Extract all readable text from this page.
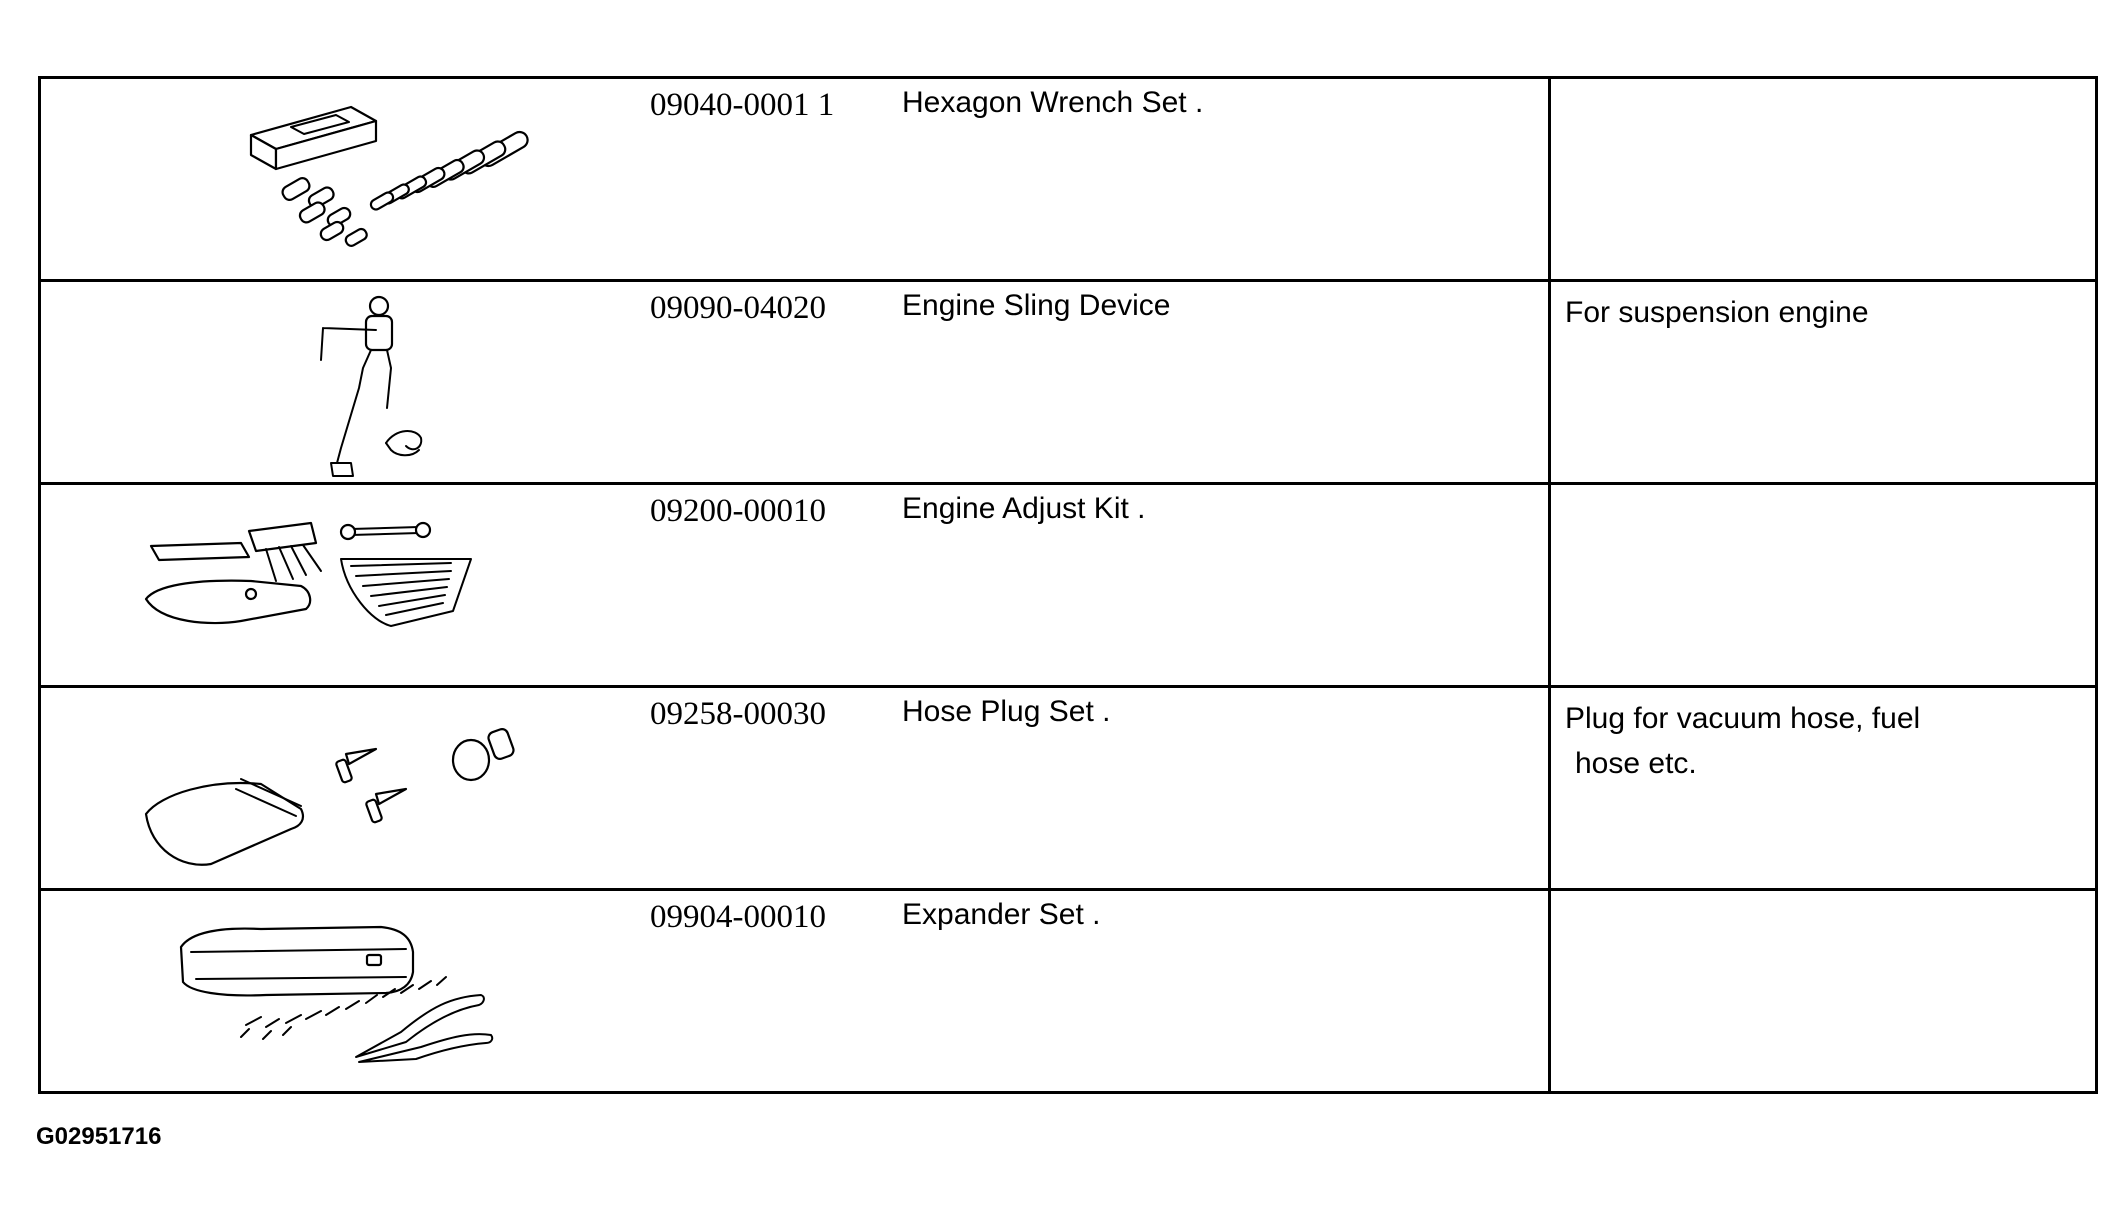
09040-0001 1 Hexagon Wrench Set .	

09090-04020 Engine Sling Device	For suspension engine

09200-00010 Engine Adjust Kit .	

09258-00030 Hose Plug Set .	Plug for vacuum hose, fuel
hose etc.

09904-00010 Expander Set .	

G02951716
